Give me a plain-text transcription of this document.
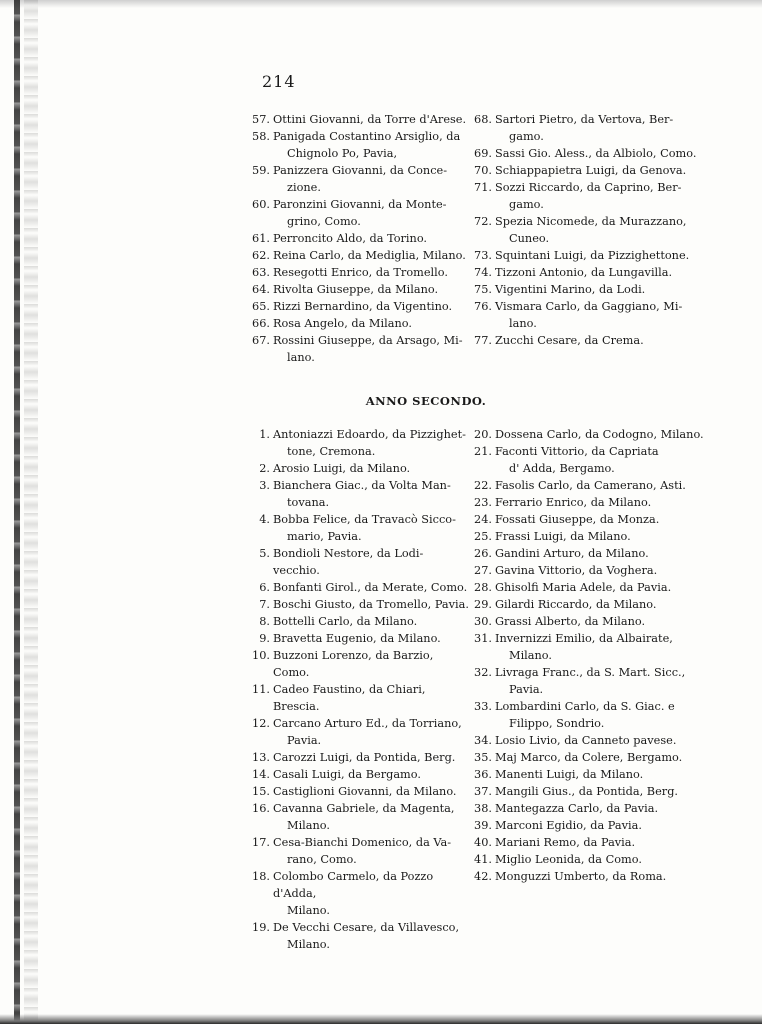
214
57. Ottini Giovanni, da Torre d'Arese.
58. Panigada Costantino Arsiglio, da
Chignolo Po, Pavia,
59. Panizzera Giovanni, da Conce-
zione.
60. Paronzini Giovanni, da Monte-
grino, Como.
61. Perroncito Aldo, da Torino.
62. Reina Carlo, da Mediglia, Milano.
63. Resegotti Enrico, da Tromello.
64. Rivolta Giuseppe, da Milano.
65. Rizzi Bernardino, da Vigentino.
66. Rosa Angelo, da Milano.
67. Rossini Giuseppe, da Arsago, Mi-
lano.
68. Sartori Pietro, da Vertova, Ber-
gamo.
69. Sassi Gio. Aless., da Albiolo, Como.
70. Schiappapietra Luigi, da Genova.
71. Sozzi Riccardo, da Caprino, Ber-
gamo.
72. Spezia Nicomede, da Murazzano,
Cuneo.
73. Squintani Luigi, da Pizzighettone.
74. Tizzoni Antonio, da Lungavilla.
75. Vigentini Marino, da Lodi.
76. Vismara Carlo, da Gaggiano, Mi-
lano.
77. Zucchi Cesare, da Crema.
ANNO SECONDO.
1. Antoniazzi Edoardo, da Pizzighet-
tone, Cremona.
2. Arosio Luigi, da Milano.
3. Bianchera Giac., da Volta Man-
tovana.
4. Bobba Felice, da Travacò Sicco-
mario, Pavia.
5. Bondioli Nestore, da Lodi-vecchio.
6. Bonfanti Girol., da Merate, Como.
7. Boschi Giusto, da Tromello, Pavia.
8. Bottelli Carlo, da Milano.
9. Bravetta Eugenio, da Milano.
10. Buzzoni Lorenzo, da Barzio, Como.
11. Cadeo Faustino, da Chiari, Brescia.
12. Carcano Arturo Ed., da Torriano,
Pavia.
13. Carozzi Luigi, da Pontida, Berg.
14. Casali Luigi, da Bergamo.
15. Castiglioni Giovanni, da Milano.
16. Cavanna Gabriele, da Magenta,
Milano.
17. Cesa-Bianchi Domenico, da Va-
rano, Como.
18. Colombo Carmelo, da Pozzo d'Adda,
Milano.
19. De Vecchi Cesare, da Villavesco,
Milano.
20. Dossena Carlo, da Codogno, Milano.
21. Faconti Vittorio, da Capriata
d' Adda, Bergamo.
22. Fasolis Carlo, da Camerano, Asti.
23. Ferrario Enrico, da Milano.
24. Fossati Giuseppe, da Monza.
25. Frassi Luigi, da Milano.
26. Gandini Arturo, da Milano.
27. Gavina Vittorio, da Voghera.
28. Ghisolfi Maria Adele, da Pavia.
29. Gilardi Riccardo, da Milano.
30. Grassi Alberto, da Milano.
31. Invernizzi Emilio, da Albairate,
Milano.
32. Livraga Franc., da S. Mart. Sicc.,
Pavia.
33. Lombardini Carlo, da S. Giac. e
Filippo, Sondrio.
34. Losio Livio, da Canneto pavese.
35. Maj Marco, da Colere, Bergamo.
36. Manenti Luigi, da Milano.
37. Mangili Gius., da Pontida, Berg.
38. Mantegazza Carlo, da Pavia.
39. Marconi Egidio, da Pavia.
40. Mariani Remo, da Pavia.
41. Miglio Leonida, da Como.
42. Monguzzi Umberto, da Roma.
